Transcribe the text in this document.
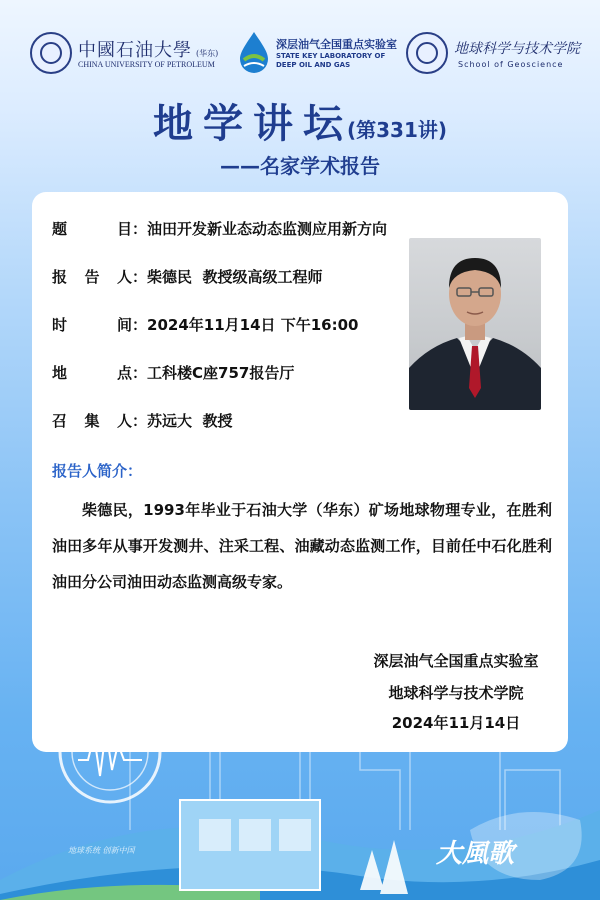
中國石油大學 (华东)
CHINA UNIVERSITY OF PETROLEUM
深层油气全国重点实验室
STATE KEY LABORATORY OF
DEEP OIL AND GAS
地球科学与技术学院
School of Geoscience
地学讲坛(第331讲)
——名家学术报告
题 目：油田开发新业态动态监测应用新方向
报告人：柴德民  教授级高级工程师
时 间：2024年11月14日 下午16:00
地 点：工科楼C座757报告厅
召集人：苏远大  教授
报告人简介：
柴德民，1993年毕业于石油大学（华东）矿场地球物理专业，在胜利油田多年从事开发测井、注采工程、油藏动态监测工作，目前任中石化胜利油田分公司油田动态监测高级专家。
深层油气全国重点实验室
地球科学与技术学院
2024年11月14日
School of Geosciences
地球系统 创新中国	大風歌
